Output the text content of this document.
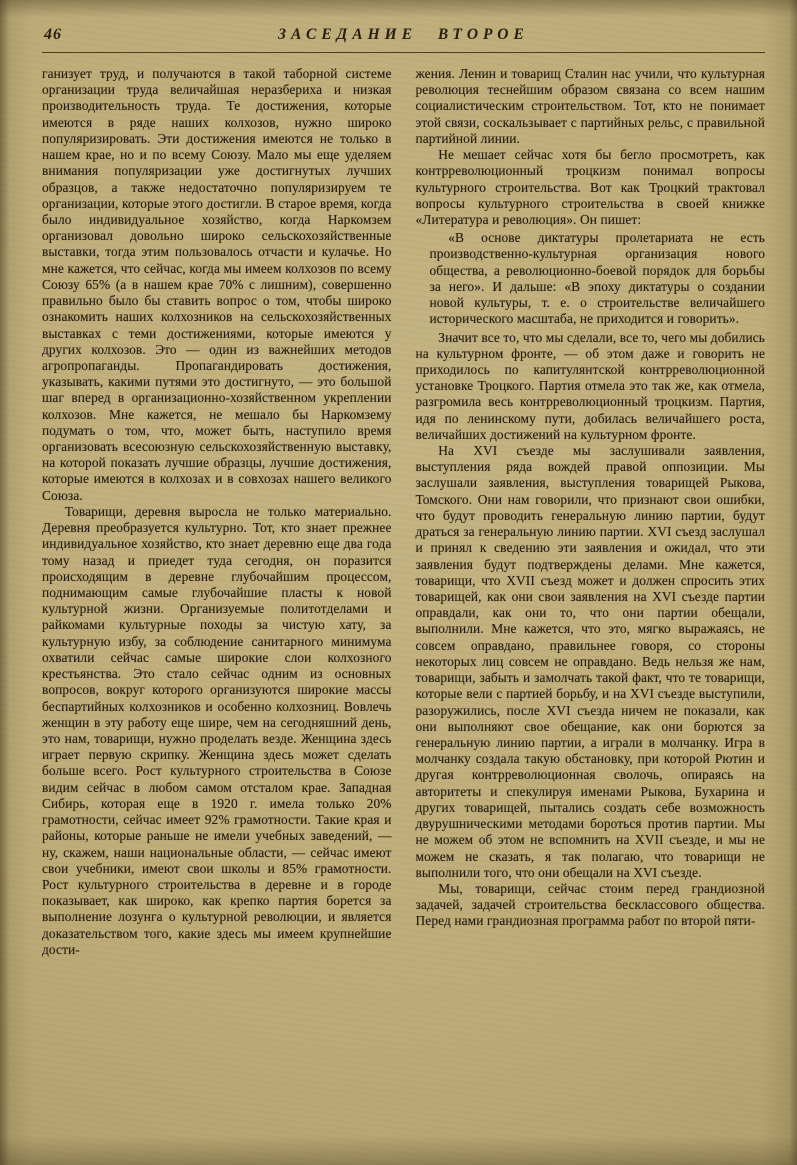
46	ЗАСЕДАНИЕ ВТОРОЕ

ганизует труд, и получаются в такой таборной системе организации труда величайшая неразбериха и низкая производительность труда. Те достижения, которые имеются в ряде наших колхозов, нужно широко популяризировать. Эти достижения имеются не только в нашем крае, но и по всему Союзу. Мало мы еще уделяем внимания популяризации уже достигнутых лучших образцов, а также недостаточно популяризируем те организации, которые этого достигли. В старое время, когда было индивидуальное хозяйство, когда Наркомзем организовал довольно широко сельскохозяйственные выставки, тогда этим пользовалось отчасти и кулачье. Но мне кажется, что сейчас, когда мы имеем колхозов по всему Союзу 65% (а в нашем крае 70% с лишним), совершенно правильно было бы ставить вопрос о том, чтобы широко ознакомить наших колхозников на сельскохозяйственных выставках с теми достижениями, которые имеются у других колхозов. Это — один из важнейших методов агропропаганды. Пропагандировать достижения, указывать, какими путями это достигнуто, — это большой шаг вперед в организационно-хозяйственном укреплении колхозов. Мне кажется, не мешало бы Наркомзему подумать о том, что, может быть, наступило время организовать всесоюзную сельскохозяйственную выставку, на которой показать лучшие образцы, лучшие достижения, которые имеются в колхозах и в совхозах нашего великого Союза.

Товарищи, деревня выросла не только материально. Деревня преобразуется культурно. Тот, кто знает прежнее индивидуальное хозяйство, кто знает деревню еще два года тому назад и приедет туда сегодня, он поразится происходящим в деревне глубочайшим процессом, поднимающим самые глубочайшие пласты к новой культурной жизни. Организуемые политотделами и райкомами культурные походы за чистую хату, за культурную избу, за соблюдение санитарного минимума охватили сейчас самые широкие слои колхозного крестьянства. Это стало сейчас одним из основных вопросов, вокруг которого организуются широкие массы беспартийных колхозников и особенно колхозниц. Вовлечь женщин в эту работу еще шире, чем на сегодняшний день, это нам, товарищи, нужно проделать везде. Женщина здесь играет первую скрипку. Женщина здесь может сделать больше всего. Рост культурного строительства в Союзе видим сейчас в любом самом отсталом крае. Западная Сибирь, которая еще в 1920 г. имела только 20% грамотности, сейчас имеет 92% грамотности. Такие края и районы, которые раньше не имели учебных заведений, — ну, скажем, наши национальные области, — сейчас имеют свои учебники, имеют свои школы и 85% грамотности. Рост культурного строительства в деревне и в городе показывает, как широко, как крепко партия борется за выполнение лозунга о культурной революции, и является доказательством того, какие здесь мы имеем крупнейшие дости-

жения. Ленин и товарищ Сталин нас учили, что культурная революция теснейшим образом связана со всем нашим социалистическим строительством. Тот, кто не понимает этой связи, соскальзывает с партийных рельс, с правильной партийной линии.

Не мешает сейчас хотя бы бегло просмотреть, как контрреволюционный троцкизм понимал вопросы культурного строительства. Вот как Троцкий трактовал вопросы культурного строительства в своей книжке «Литература и революция». Он пишет:

«В основе диктатуры пролетариата не есть производственно-культурная организация нового общества, а революционно-боевой порядок для борьбы за него». И дальше: «В эпоху диктатуры о создании новой культуры, т. е. о строительстве величайшего исторического масштаба, не приходится и говорить».

Значит все то, что мы сделали, все то, чего мы добились на культурном фронте, — об этом даже и говорить не приходилось по капитулянтской контрреволюционной установке Троцкого. Партия отмела это так же, как отмела, разгромила весь контрреволюционный троцкизм. Партия, идя по ленинскому пути, добилась величайшего роста, величайших достижений на культурном фронте.

На XVI съезде мы заслушивали заявления, выступления ряда вождей правой оппозиции. Мы заслушали заявления, выступления товарищей Рыкова, Томского. Они нам говорили, что признают свои ошибки, что будут проводить генеральную линию партии, будут драться за генеральную линию партии. XVI съезд заслушал и принял к сведению эти заявления и ожидал, что эти заявления будут подтверждены делами. Мне кажется, товарищи, что XVII съезд может и должен спросить этих товарищей, как они свои заявления на XVI съезде партии оправдали, как они то, что они партии обещали, выполнили. Мне кажется, что это, мягко выражаясь, не совсем оправдано, правильнее говоря, со стороны некоторых лиц совсем не оправдано. Ведь нельзя же нам, товарищи, забыть и замолчать такой факт, что те товарищи, которые вели с партией борьбу, и на XVI съезде выступили, разоружились, после XVI съезда ничем не показали, как они выполняют свое обещание, как они борются за генеральную линию партии, а играли в молчанку. Игра в молчанку создала такую обстановку, при которой Рютин и другая контрреволюционная сволочь, опираясь на авторитеты и спекулируя именами Рыкова, Бухарина и других товарищей, пытались создать себе возможность двурушническими методами бороться против партии. Мы не можем об этом не вспомнить на XVII съезде, и мы не можем не сказать, я так полагаю, что товарищи не выполнили того, что они обещали на XVI съезде.

Мы, товарищи, сейчас стоим перед грандиозной задачей, задачей строительства бесклассового общества. Перед нами грандиозная программа работ по второй пяти-
